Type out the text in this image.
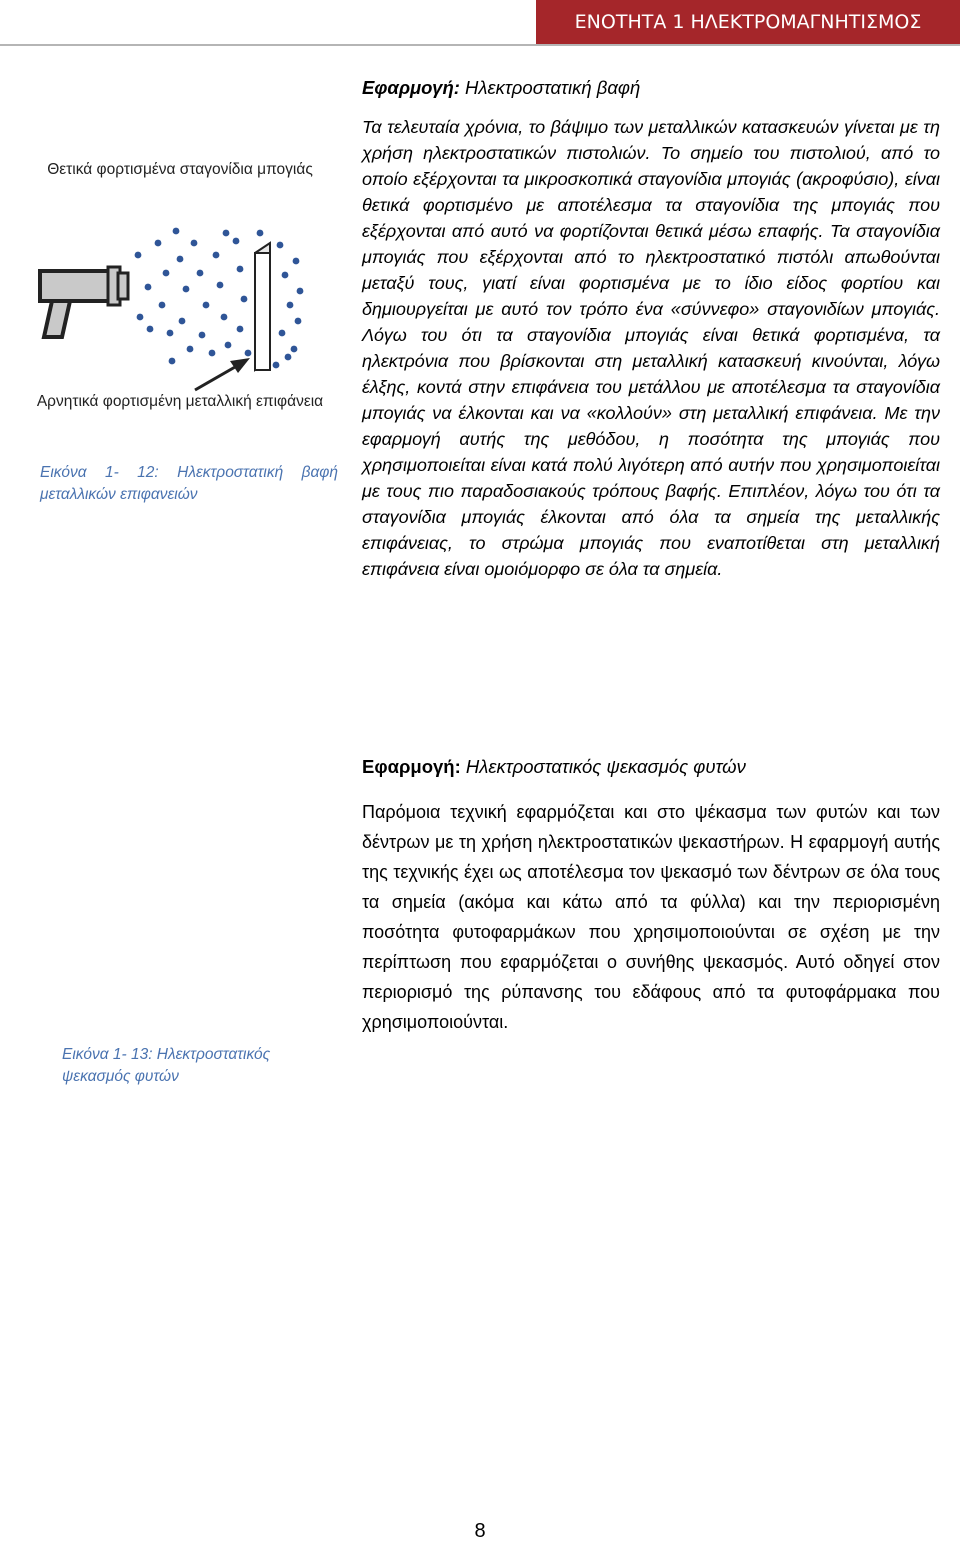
ΕΝΟΤΗΤΑ 1 ΗΛΕΚΤΡΟΜΑΓΝΗΤΙΣΜΟΣ
Θετικά φορτισμένα σταγονίδια μπογιάς
Αρνητικά φορτισμένη μεταλλική επιφάνεια
Εικόνα 1- 12: Ηλεκτροστατική βαφή μεταλλικών επιφανειών
Εφαρμογή: Ηλεκτροστατική βαφή
Τα τελευταία χρόνια, το βάψιμο των μεταλλικών κατασκευών γίνεται με τη χρήση ηλεκτροστατικών πιστολιών. Το σημείο του πιστολιού, από το οποίο εξέρχονται τα μικροσκοπικά σταγονίδια μπογιάς (ακροφύσιο), είναι θετικά φορτισμένο με αποτέλεσμα τα σταγονίδια της μπογιάς που εξέρχονται από αυτό να φορτίζονται θετικά μέσω επαφής. Τα σταγονίδια μπογιάς που εξέρχονται από το ηλεκτροστατικό πιστόλι απωθούνται μεταξύ τους, γιατί είναι φορτισμένα με το ίδιο είδος φορτίου και δημιουργείται με αυτό τον τρόπο ένα «σύννεφο» σταγονιδίων μπογιάς. Λόγω του ότι τα σταγονίδια μπογιάς είναι θετικά φορτισμένα, τα ηλεκτρόνια που βρίσκονται στη μεταλλική κατασκευή κινούνται, λόγω έλξης, κοντά στην επιφάνεια του μετάλλου με αποτέλεσμα τα σταγονίδια μπογιάς να έλκονται και να «κολλούν» στη μεταλλική επιφάνεια. Με την εφαρμογή αυτής της μεθόδου, η ποσότητα της μπογιάς που χρησιμοποιείται είναι κατά πολύ λιγότερη από αυτήν που χρησιμοποιείται με τους πιο παραδοσιακούς τρόπους βαφής. Επιπλέον, λόγω του ότι τα σταγονίδια μπογιάς έλκονται από όλα τα σημεία της μεταλλικής επιφάνειας, το στρώμα μπογιάς που εναποτίθεται στη μεταλλική επιφάνεια είναι ομοιόμορφο σε όλα τα σημεία.
Εφαρμογή: Ηλεκτροστατικός ψεκασμός φυτών
Παρόμοια τεχνική εφαρμόζεται και στο ψέκασμα των φυτών και των δέντρων με τη χρήση ηλεκτροστατικών ψεκαστήρων. Η εφαρμογή αυτής της τεχνικής έχει ως αποτέλεσμα τον ψεκασμό των δέντρων σε όλα τους τα σημεία (ακόμα και κάτω από τα φύλλα) και την περιορισμένη ποσότητα φυτοφαρμάκων που χρησιμοποιούνται σε σχέση με την περίπτωση που εφαρμόζεται ο συνήθης ψεκασμός. Αυτό οδηγεί στον περιορισμό της ρύπανσης του εδάφους από τα φυτοφάρμακα που χρησιμοποιούνται.
Εικόνα 1- 13: Ηλεκτροστατικός ψεκασμός φυτών
8
